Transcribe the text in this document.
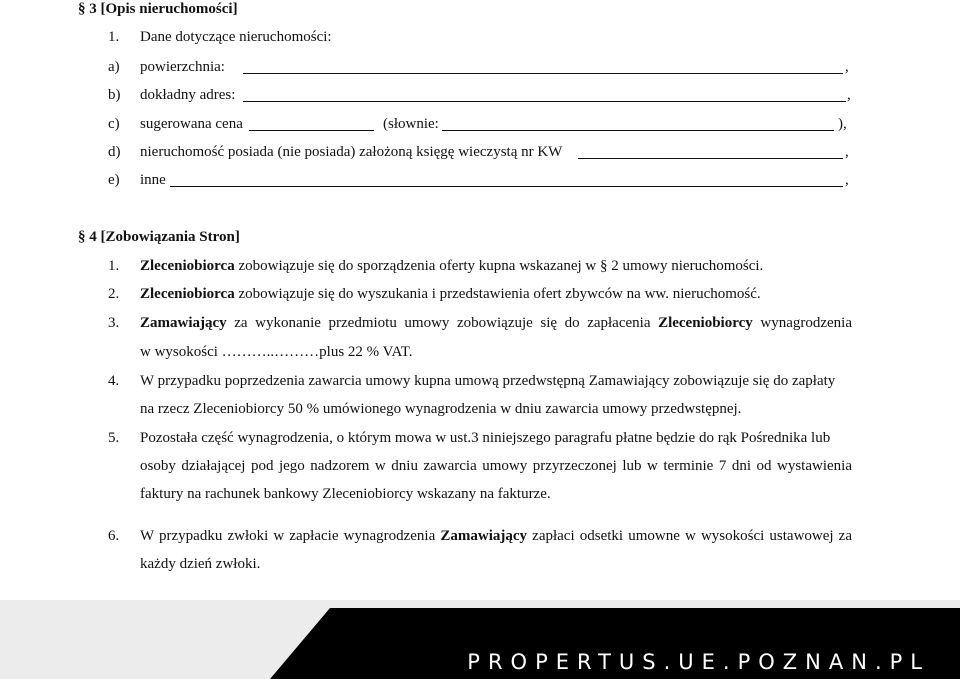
§ 3 [Opis nieruchomości]
1. Dane dotyczące nieruchomości:
a) powierzchnia:	,
b) dokładny adres:	,
c) sugerowana cena	(słownie:	),
d) nieruchomość posiada (nie posiada) założoną księgę wieczystą nr KW	,
e) inne	,
§ 4 [Zobowiązania Stron]
1. Zleceniobiorca zobowiązuje się do sporządzenia oferty kupna wskazanej w § 2 umowy nieruchomości.
2. Zleceniobiorca zobowiązuje się do wyszukania i przedstawienia ofert zbywców na ww. nieruchomość.
3. Zamawiający za wykonanie przedmiotu umowy zobowiązuje się do zapłacenia Zleceniobiorcy wynagrodzenia
w wysokości ………..………plus 22 % VAT.
4. W przypadku poprzedzenia zawarcia umowy kupna umową przedwstępną Zamawiający zobowiązuje się do zapłaty
na rzecz Zleceniobiorcy 50 % umówionego wynagrodzenia w dniu zawarcia umowy przedwstępnej.
5. Pozostała część wynagrodzenia, o którym mowa w ust.3 niniejszego paragrafu płatne będzie do rąk Pośrednika lub
osoby działającej pod jego nadzorem w dniu zawarcia umowy przyrzeczonej lub w terminie 7 dni od wystawienia
faktury na rachunek bankowy Zleceniobiorcy wskazany na fakturze.
6. W przypadku zwłoki w zapłacie wynagrodzenia Zamawiający zapłaci odsetki umowne w wysokości ustawowej za
każdy dzień zwłoki.
PROPERTUS.UE.POZNAN.PL
